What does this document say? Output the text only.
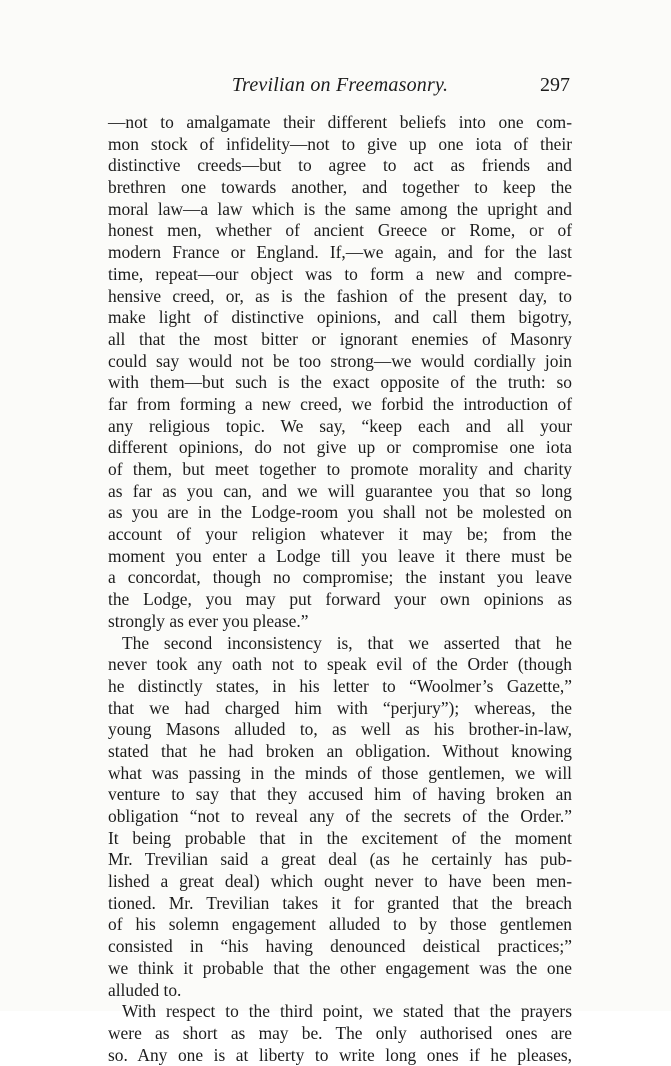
Trevilian on Freemasonry.	297
—not to amalgamate their different beliefs into one com-
mon stock of infidelity—not to give up one iota of their
distinctive creeds—but to agree to act as friends and
brethren one towards another, and together to keep the
moral law—a law which is the same among the upright and
honest men, whether of ancient Greece or Rome, or of
modern France or England. If,—we again, and for the last
time, repeat—our object was to form a new and compre-
hensive creed, or, as is the fashion of the present day, to
make light of distinctive opinions, and call them bigotry,
all that the most bitter or ignorant enemies of Masonry
could say would not be too strong—we would cordially join
with them—but such is the exact opposite of the truth: so
far from forming a new creed, we forbid the introduction of
any religious topic. We say, “keep each and all your
different opinions, do not give up or compromise one iota
of them, but meet together to promote morality and charity
as far as you can, and we will guarantee you that so long
as you are in the Lodge-room you shall not be molested on
account of your religion whatever it may be; from the
moment you enter a Lodge till you leave it there must be
a concordat, though no compromise; the instant you leave
the Lodge, you may put forward your own opinions as
strongly as ever you please.”
The second inconsistency is, that we asserted that he
never took any oath not to speak evil of the Order (though
he distinctly states, in his letter to “Woolmer’s Gazette,”
that we had charged him with “perjury”); whereas, the
young Masons alluded to, as well as his brother-in-law,
stated that he had broken an obligation. Without knowing
what was passing in the minds of those gentlemen, we will
venture to say that they accused him of having broken an
obligation “not to reveal any of the secrets of the Order.”
It being probable that in the excitement of the moment
Mr. Trevilian said a great deal (as he certainly has pub-
lished a great deal) which ought never to have been men-
tioned. Mr. Trevilian takes it for granted that the breach
of his solemn engagement alluded to by those gentlemen
consisted in “his having denounced deistical practices;”
we think it probable that the other engagement was the one
alluded to.
With respect to the third point, we stated that the prayers
were as short as may be. The only authorised ones are
so. Any one is at liberty to write long ones if he pleases,
